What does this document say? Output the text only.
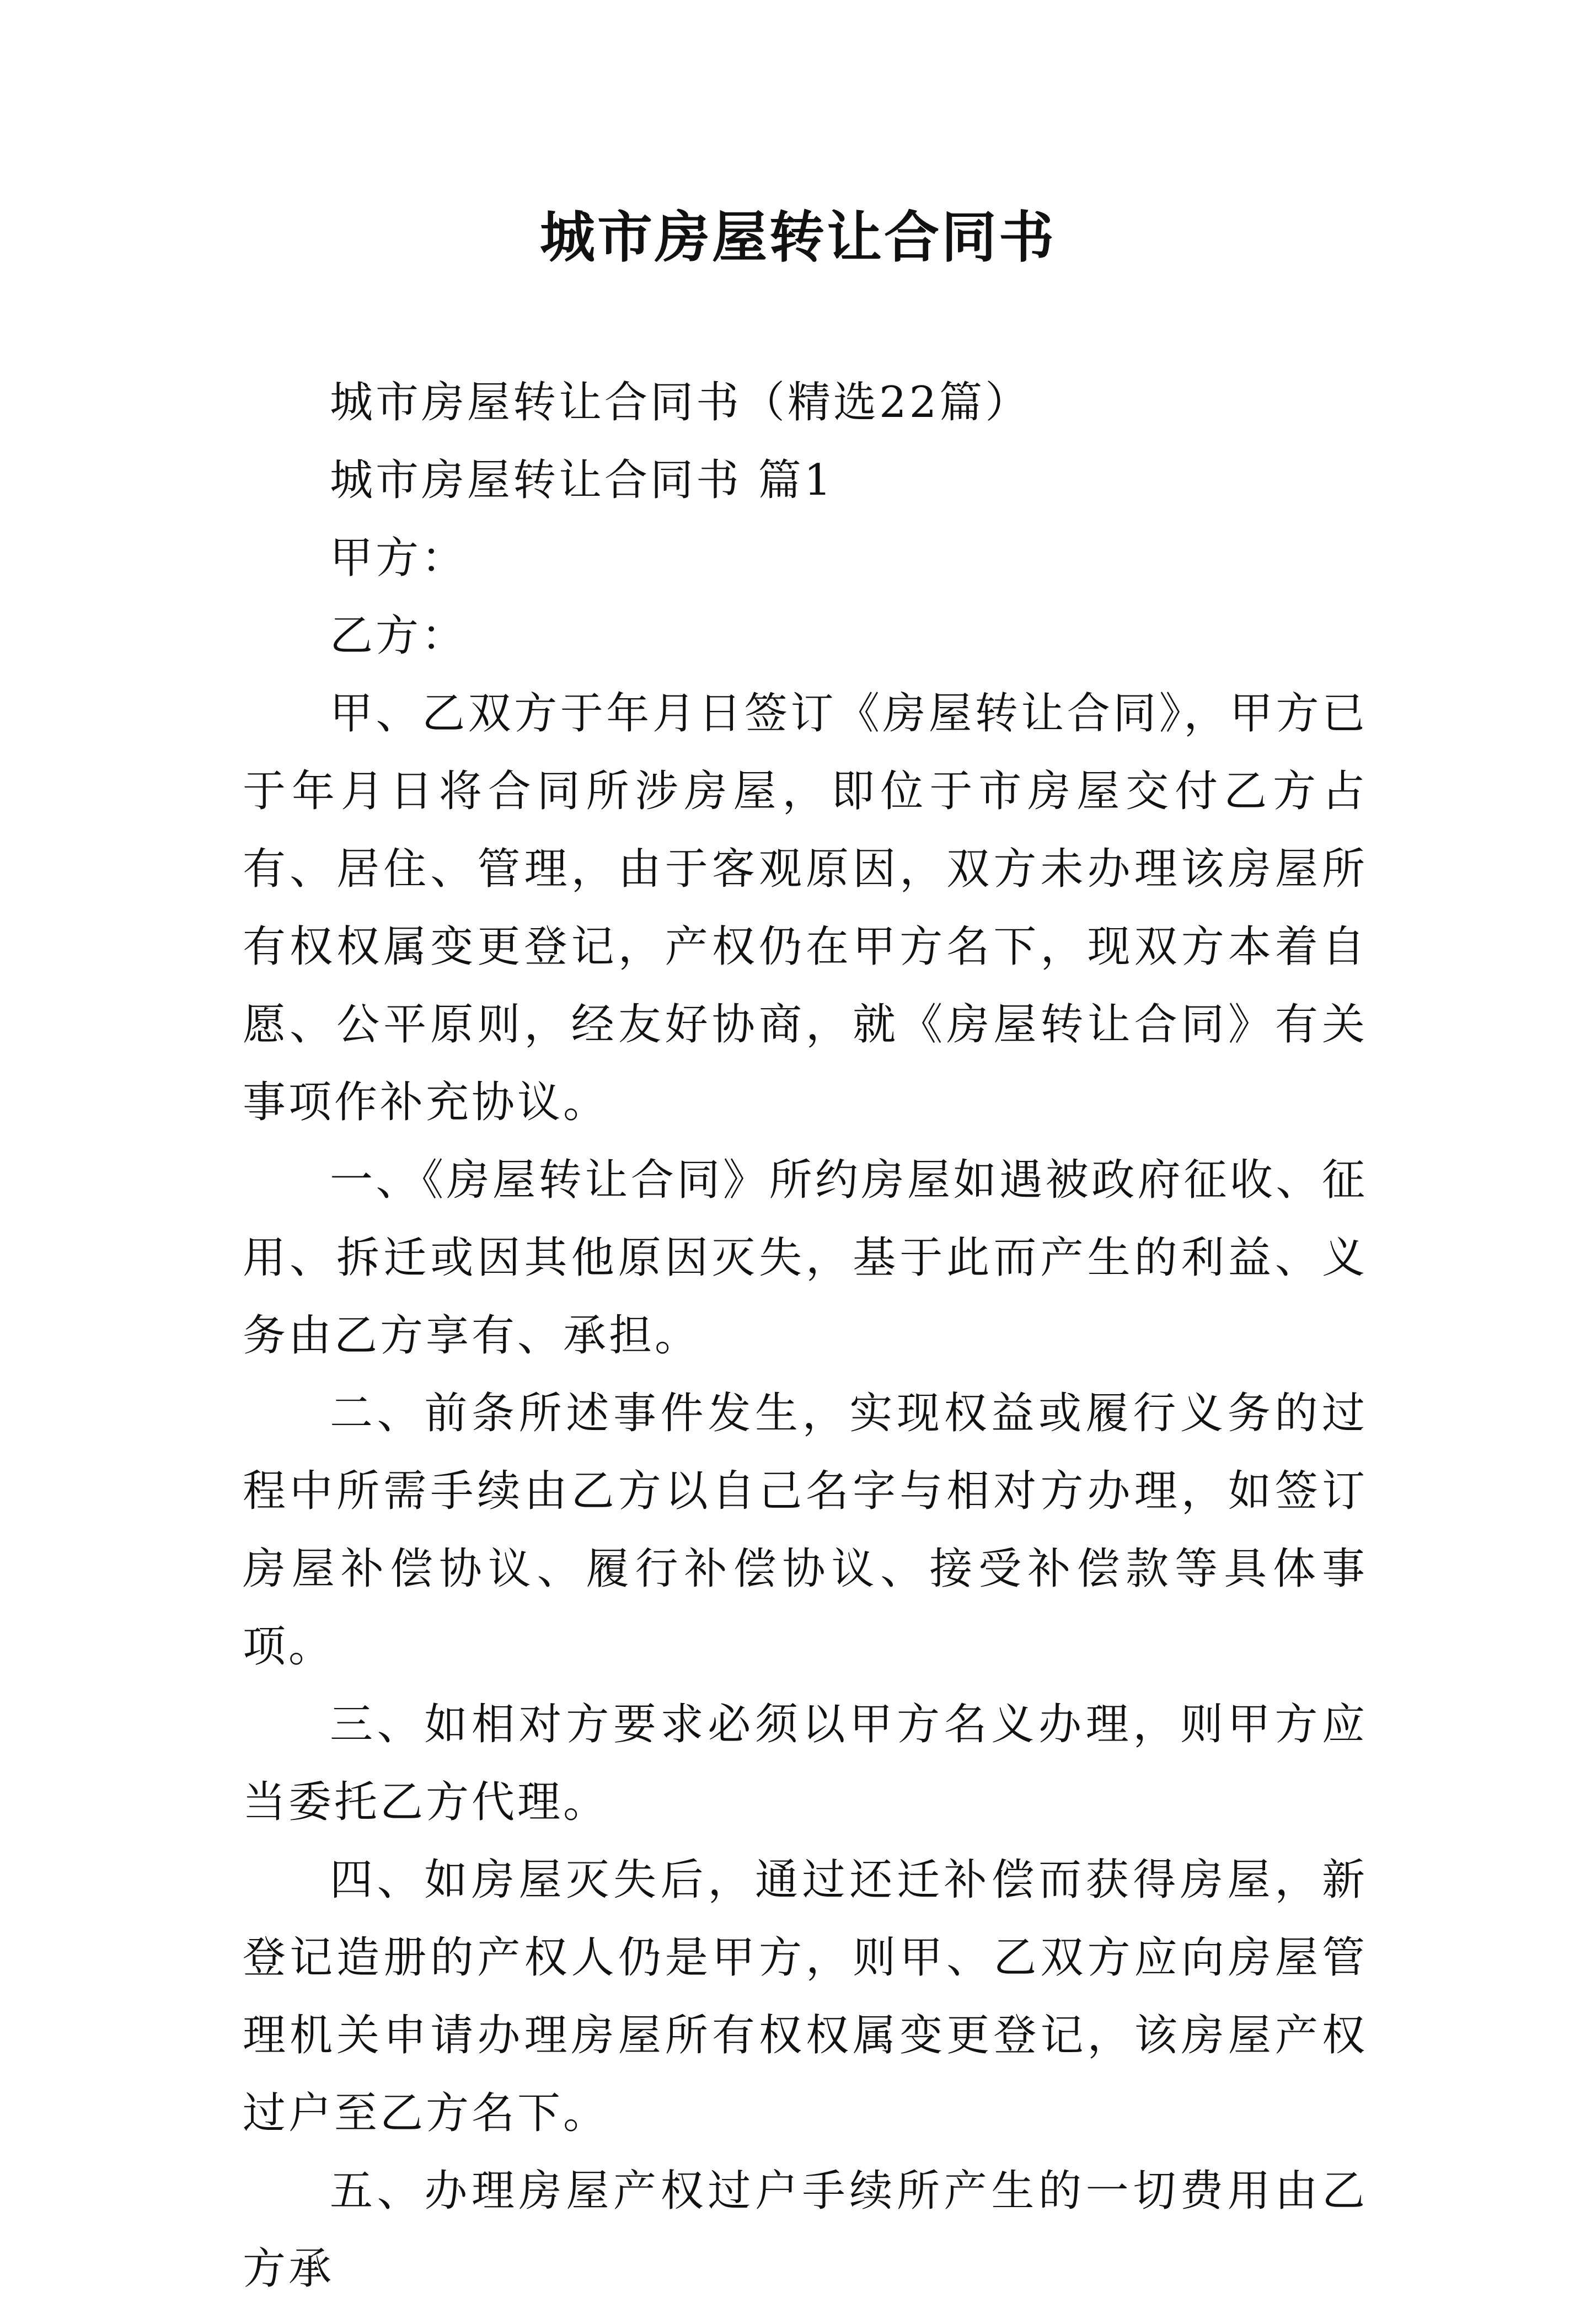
城市房屋转让合同书

城市房屋转让合同书（精选22篇）

城市房屋转让合同书 篇1

甲方：

乙方：

甲、乙双方于年月日签订《房屋转让合同》，甲方已于年月日将合同所涉房屋，即位于市房屋交付乙方占有、居住、管理，由于客观原因，双方未办理该房屋所有权权属变更登记，产权仍在甲方名下，现双方本着自愿、公平原则，经友好协商，就《房屋转让合同》有关事项作补充协议。

一、《房屋转让合同》所约房屋如遇被政府征收、征用、拆迁或因其他原因灭失，基于此而产生的利益、义务由乙方享有、承担。

二、前条所述事件发生，实现权益或履行义务的过程中所需手续由乙方以自己名字与相对方办理，如签订房屋补偿协议、履行补偿协议、接受补偿款等具体事项。

三、如相对方要求必须以甲方名义办理，则甲方应当委托乙方代理。

四、如房屋灭失后，通过还迁补偿而获得房屋，新登记造册的产权人仍是甲方，则甲、乙双方应向房屋管理机关申请办理房屋所有权权属变更登记，该房屋产权过户至乙方名下。

五、办理房屋产权过户手续所产生的一切费用由乙方承
